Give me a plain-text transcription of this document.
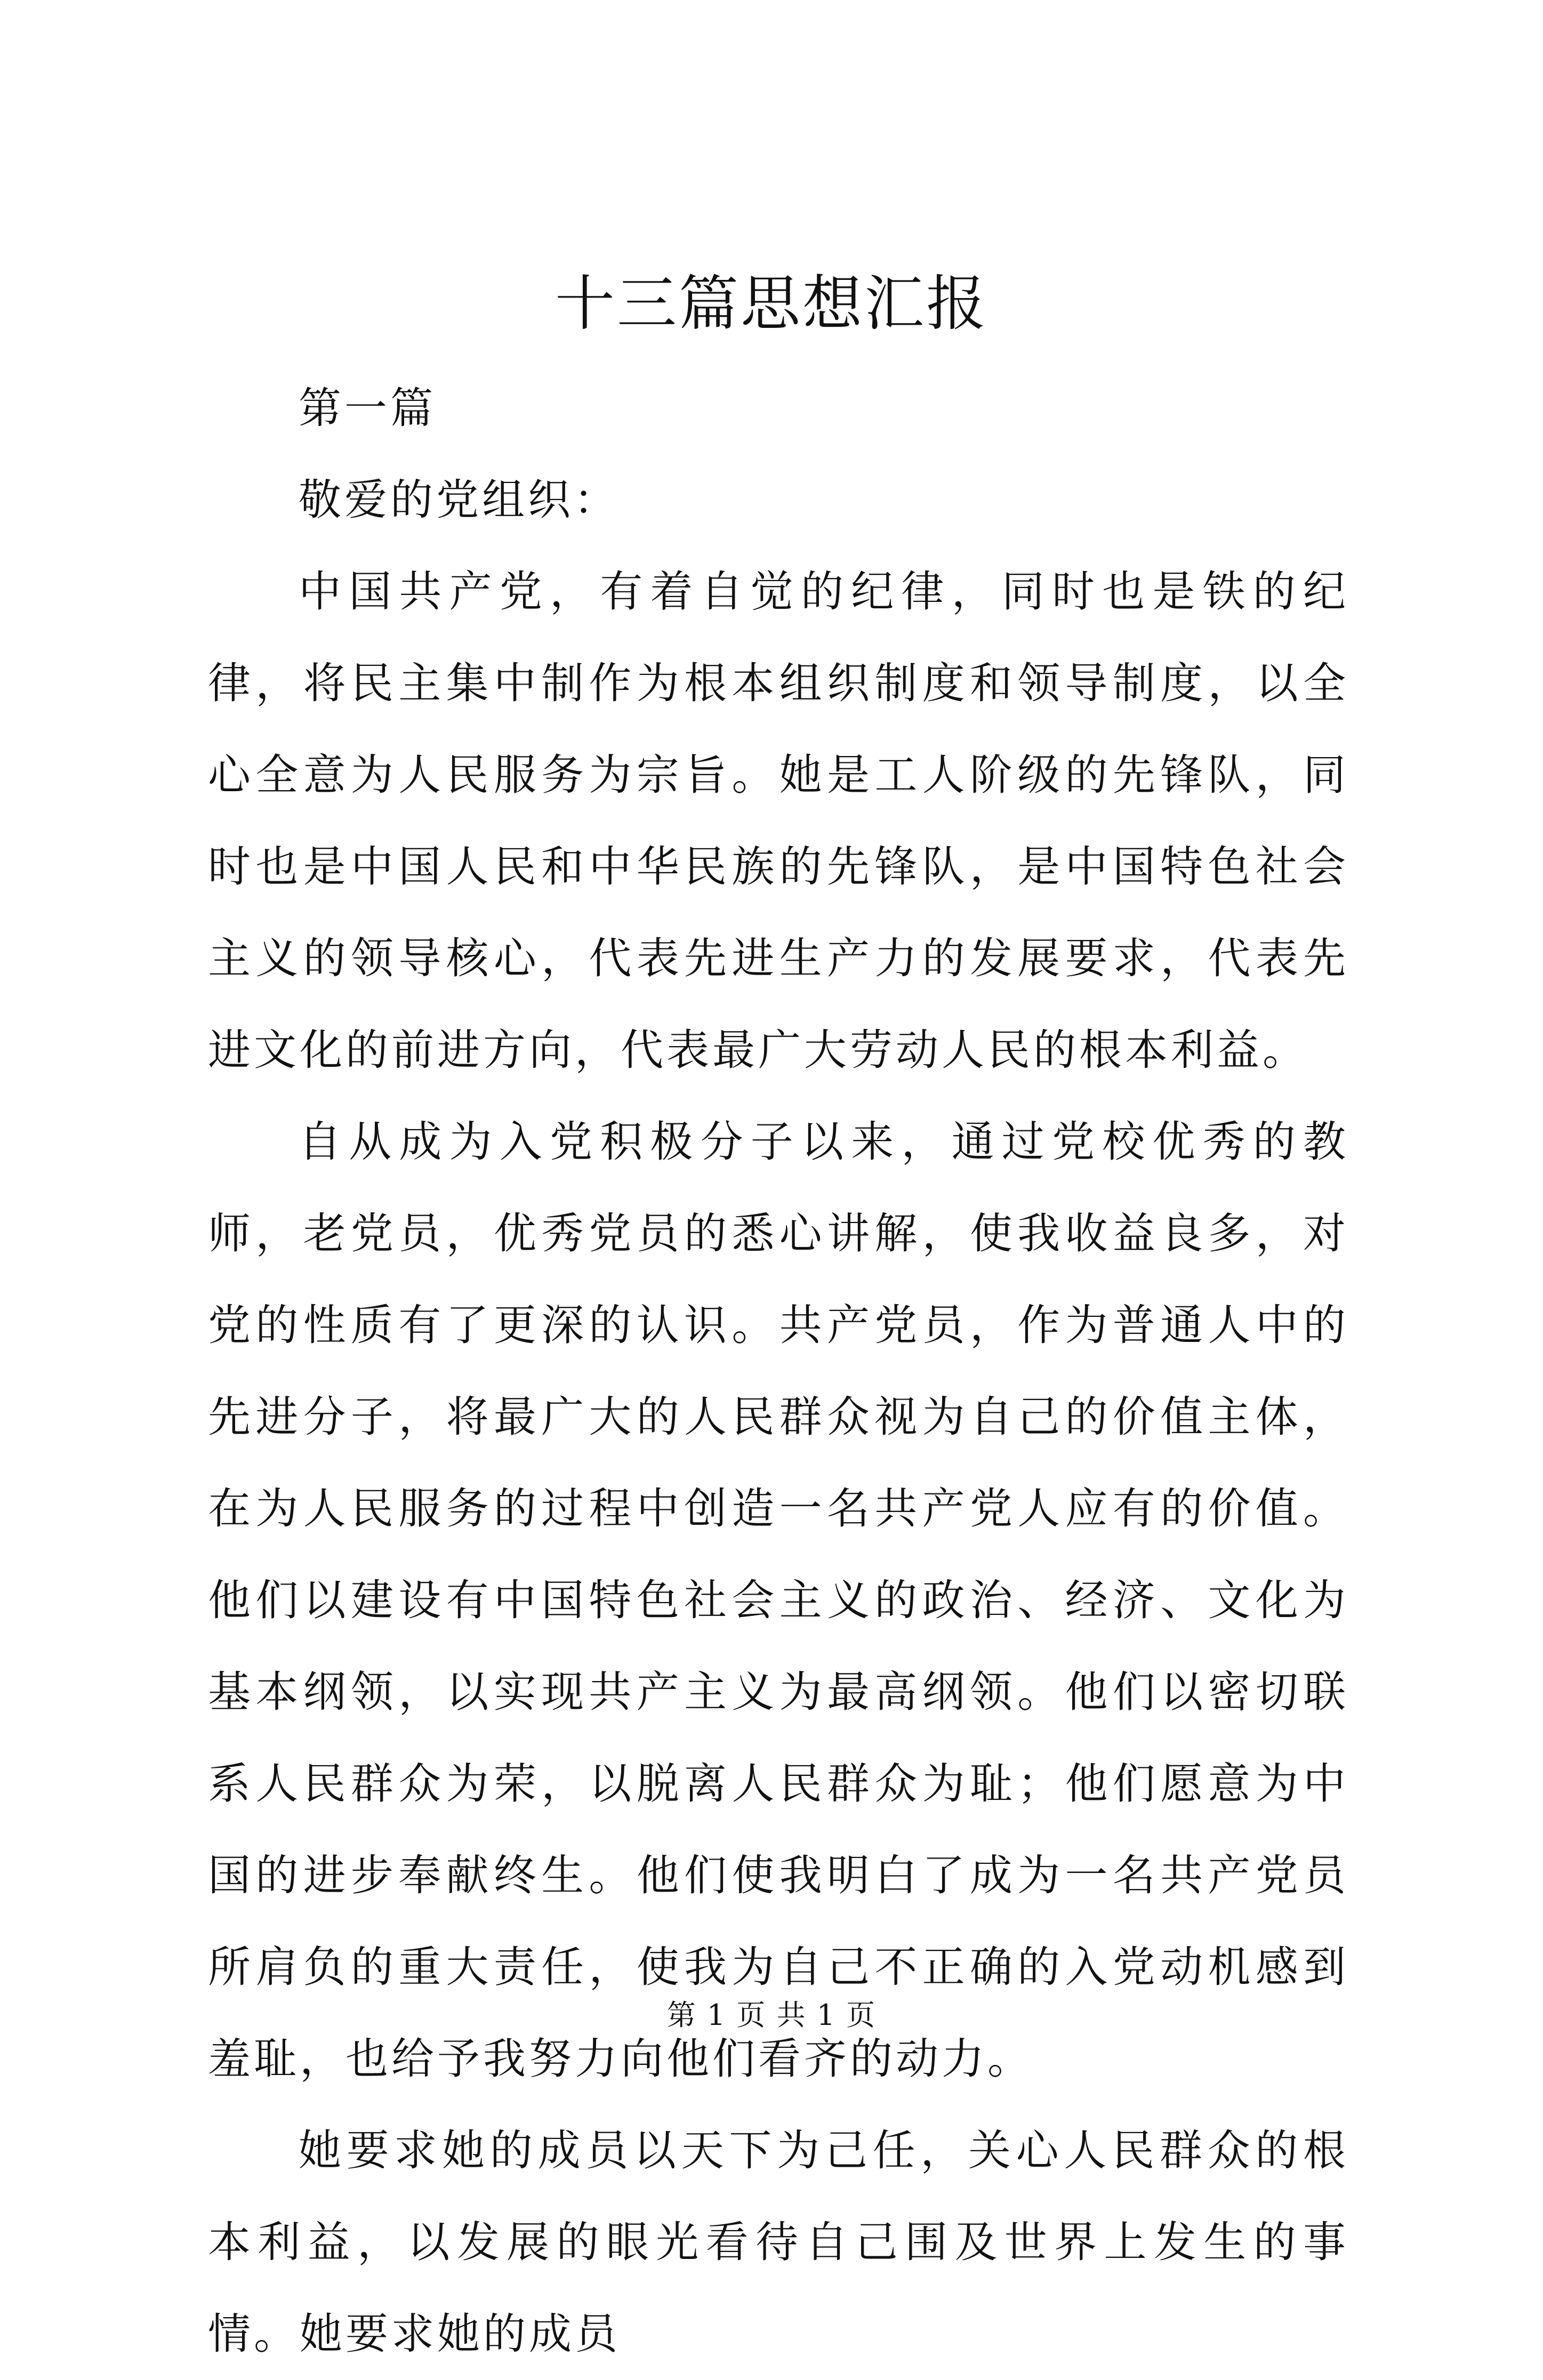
十三篇思想汇报

第一篇

敬爱的党组织：

中国共产党，有着自觉的纪律，同时也是铁的纪律，将民主集中制作为根本组织制度和领导制度，以全心全意为人民服务为宗旨。她是工人阶级的先锋队，同时也是中国人民和中华民族的先锋队，是中国特色社会主义的领导核心，代表先进生产力的发展要求，代表先进文化的前进方向，代表最广大劳动人民的根本利益。

自从成为入党积极分子以来，通过党校优秀的教师，老党员，优秀党员的悉心讲解，使我收益良多，对党的性质有了更深的认识。共产党员，作为普通人中的先进分子，将最广大的人民群众视为自己的价值主体，在为人民服务的过程中创造一名共产党人应有的价值。他们以建设有中国特色社会主义的政治、经济、文化为基本纲领，以实现共产主义为最高纲领。他们以密切联系人民群众为荣，以脱离人民群众为耻；他们愿意为中国的进步奉献终生。他们使我明白了成为一名共产党员所肩负的重大责任，使我为自己不正确的入党动机感到羞耻，也给予我努力向他们看齐的动力。

她要求她的成员以天下为己任，关心人民群众的根本利益，以发展的眼光看待自己围及世界上发生的事情。她要求她的成员

第 1 页 共 1 页
